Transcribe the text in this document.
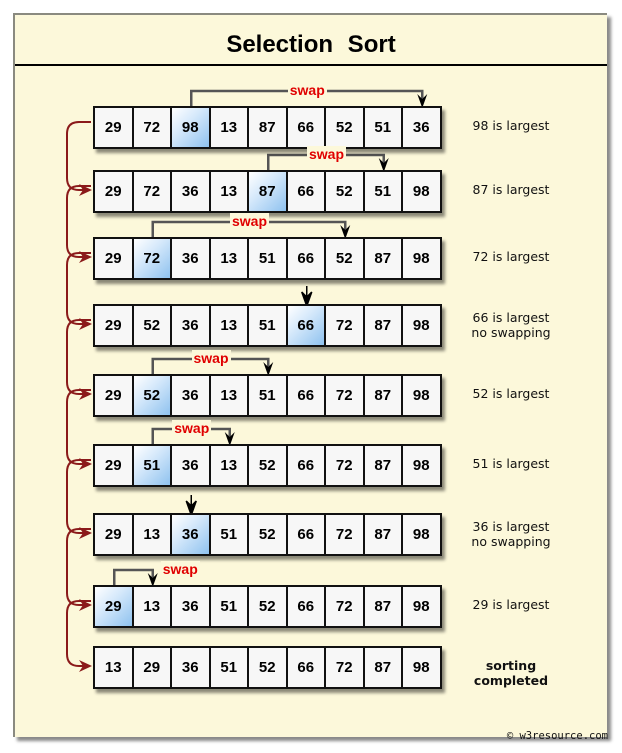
Selection Sort
29	72	98	13	87	66	52	51	36	98 is largest
swap
29	72	36	13	87	66	52	51	98	87 is largest
swap
29	72	36	13	51	66	52	87	98	72 is largest
swap
29	52	36	13	51	66	72	87	98	66 is largest
no swapping
29	52	36	13	51	66	72	87	98	52 is largest
swap
29	51	36	13	52	66	72	87	98	51 is largest
swap
29	13	36	51	52	66	72	87	98	36 is largest
no swapping
29	13	36	51	52	66	72	87	98	29 is largest
swap
13	29	36	51	52	66	72	87	98	sorting completed
© w3resource.com
